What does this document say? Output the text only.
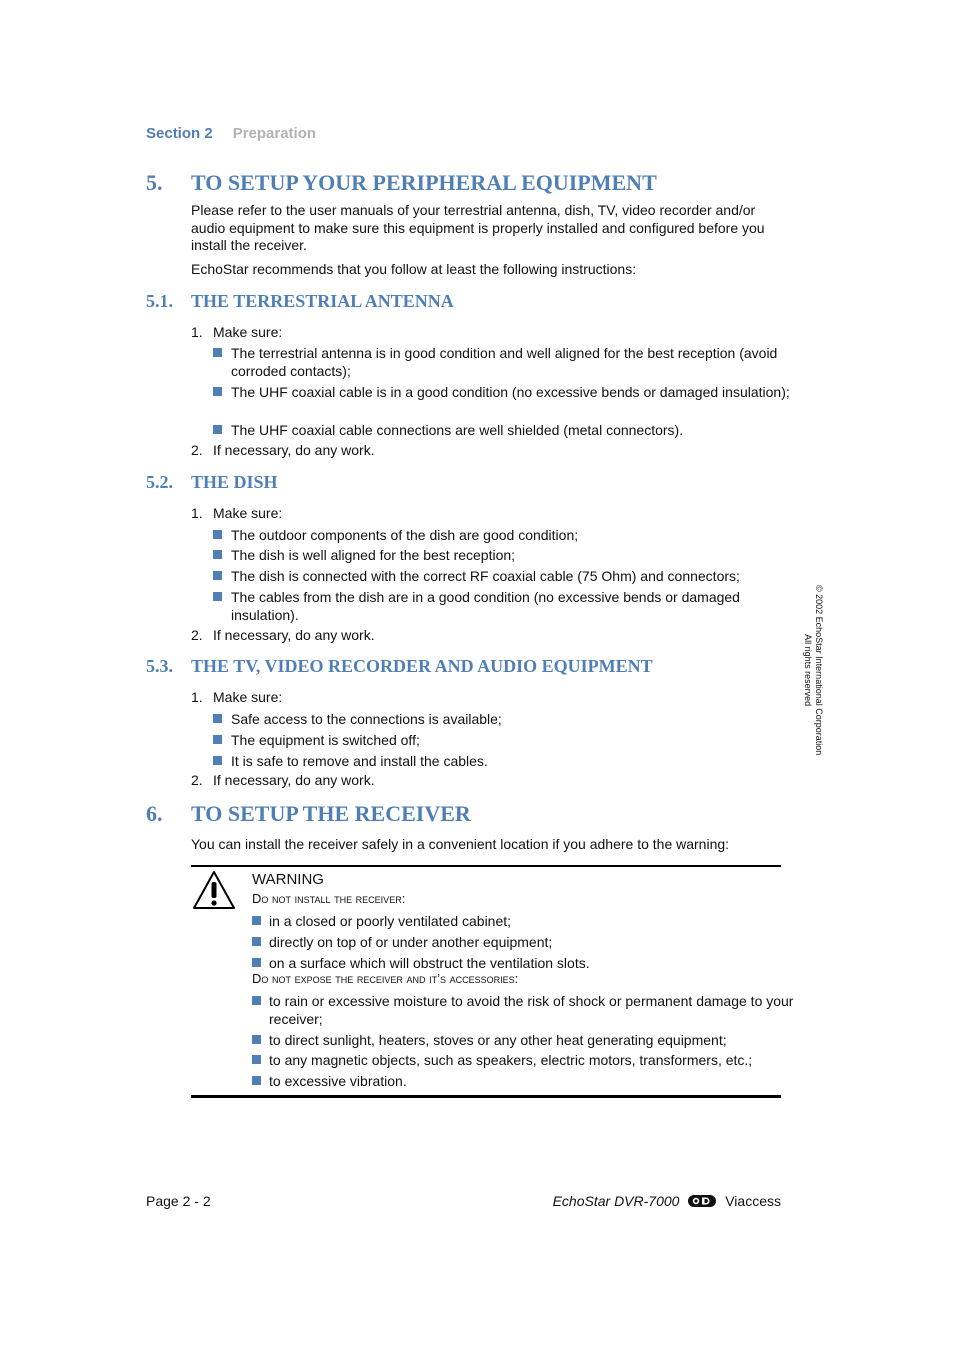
Section 2 Preparation
5. TO SETUP YOUR PERIPHERAL EQUIPMENT
Please refer to the user manuals of your terrestrial antenna, dish, TV, video recorder and/or audio equipment to make sure this equipment is properly installed and configured before you install the receiver.
EchoStar recommends that you follow at least the following instructions:
5.1. THE TERRESTRIAL ANTENNA
1. Make sure:
The terrestrial antenna is in good condition and well aligned for the best reception (avoid corroded contacts);
The UHF coaxial cable is in a good condition (no excessive bends or damaged insulation);
The UHF coaxial cable connections are well shielded (metal connectors).
2. If necessary, do any work.
5.2. THE DISH
1. Make sure:
The outdoor components of the dish are good condition;
The dish is well aligned for the best reception;
The dish is connected with the correct RF coaxial cable (75 Ohm) and connectors;
The cables from the dish are in a good condition (no excessive bends or damaged insulation).
2. If necessary, do any work.
5.3. THE TV, VIDEO RECORDER AND AUDIO EQUIPMENT
1. Make sure:
Safe access to the connections is available;
The equipment is switched off;
It is safe to remove and install the cables.
2. If necessary, do any work.
6. TO SETUP THE RECEIVER
You can install the receiver safely in a convenient location if you adhere to the warning:
WARNING
Do not install the receiver:
in a closed or poorly ventilated cabinet;
directly on top of or under another equipment;
on a surface which will obstruct the ventilation slots.
Do not expose the receiver and it’s accessories:
to rain or excessive moisture to avoid the risk of shock or permanent damage to your receiver;
to direct sunlight, heaters, stoves or any other heat generating equipment;
to any magnetic objects, such as speakers, electric motors, transformers, etc.;
to excessive vibration.
© 2002 EchoStar International Corporation
All rights reserved
Page 2 - 2	EchoStar DVR-7000	Viaccess
